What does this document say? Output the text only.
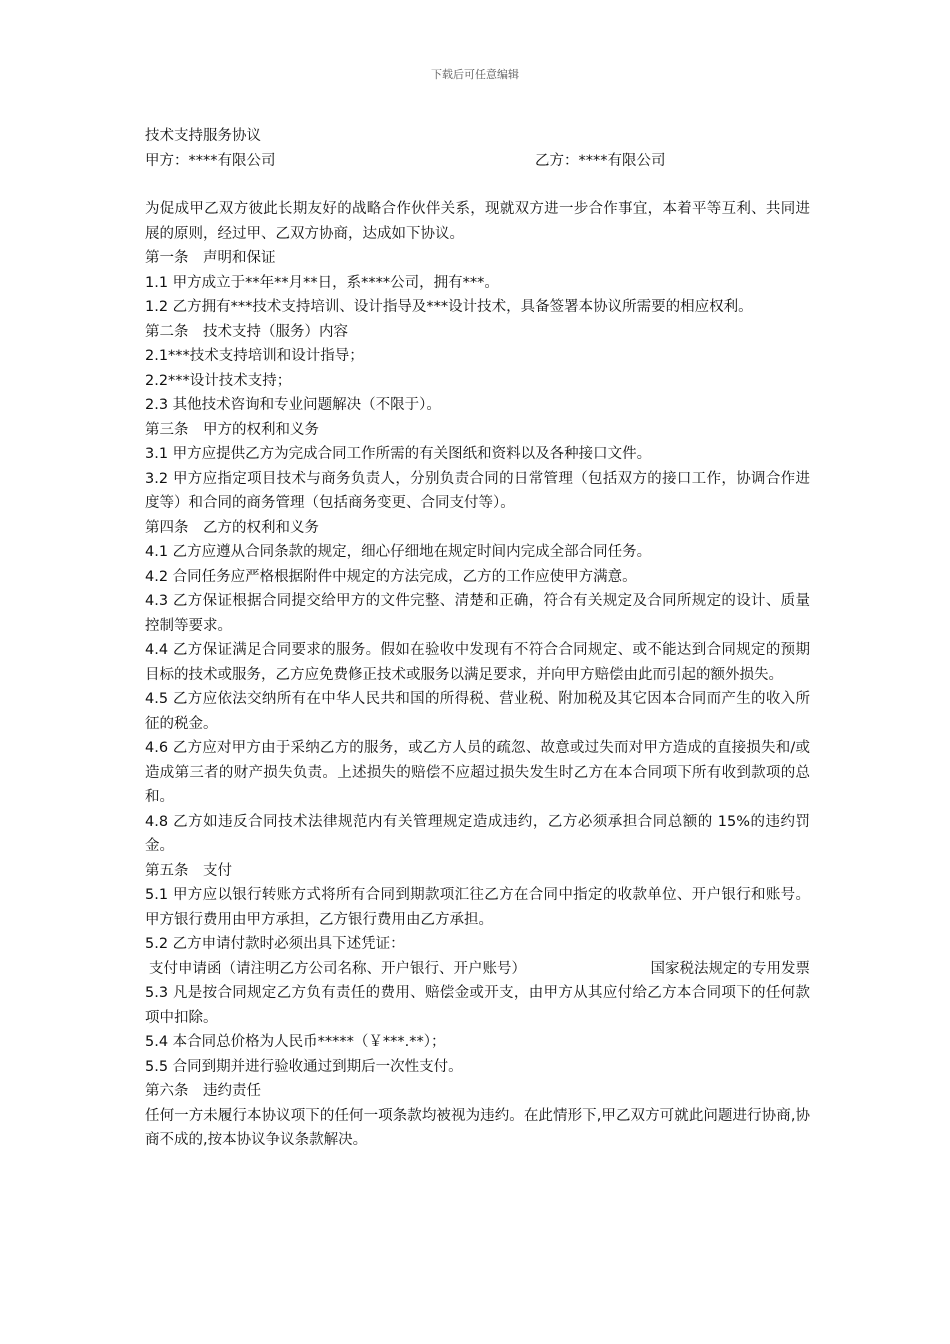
下载后可任意编辑

技术支持服务协议

甲方：****有限公司	乙方：****有限公司

为促成甲乙双方彼此长期友好的战略合作伙伴关系，现就双方进一步合作事宜，本着平等互利、共同进展的原则，经过甲、乙双方协商，达成如下协议。

第一条　声明和保证

1.1 甲方成立于**年**月**日，系****公司，拥有***。

1.2 乙方拥有***技术支持培训、设计指导及***设计技术，具备签署本协议所需要的相应权利。

第二条　技术支持（服务）内容

2.1***技术支持培训和设计指导；

2.2***设计技术支持；

2.3 其他技术咨询和专业问题解决（不限于）。

第三条　甲方的权利和义务

3.1 甲方应提供乙方为完成合同工作所需的有关图纸和资料以及各种接口文件。

3.2 甲方应指定项目技术与商务负责人，分别负责合同的日常管理（包括双方的接口工作，协调合作进度等）和合同的商务管理（包括商务变更、合同支付等）。

第四条　乙方的权利和义务

4.1 乙方应遵从合同条款的规定，细心仔细地在规定时间内完成全部合同任务。

4.2 合同任务应严格根据附件中规定的方法完成，乙方的工作应使甲方满意。

4.3 乙方保证根据合同提交给甲方的文件完整、清楚和正确，符合有关规定及合同所规定的设计、质量控制等要求。

4.4 乙方保证满足合同要求的服务。假如在验收中发现有不符合合同规定、或不能达到合同规定的预期目标的技术或服务，乙方应免费修正技术或服务以满足要求，并向甲方赔偿由此而引起的额外损失。

4.5 乙方应依法交纳所有在中华人民共和国的所得税、营业税、附加税及其它因本合同而产生的收入所征的税金。

4.6 乙方应对甲方由于采纳乙方的服务，或乙方人员的疏忽、故意或过失而对甲方造成的直接损失和/或造成第三者的财产损失负责。上述损失的赔偿不应超过损失发生时乙方在本合同项下所有收到款项的总和。

4.8 乙方如违反合同技术法律规范内有关管理规定造成违约，乙方必须承担合同总额的 15%的违约罚金。

第五条　支付

5.1 甲方应以银行转账方式将所有合同到期款项汇往乙方在合同中指定的收款单位、开户银行和账号。甲方银行费用由甲方承担，乙方银行费用由乙方承担。

5.2 乙方申请付款时必须出具下述凭证：

支付申请函（请注明乙方公司名称、开户银行、开户账号）	国家税法规定的专用发票

5.3 凡是按合同规定乙方负有责任的费用、赔偿金或开支，由甲方从其应付给乙方本合同项下的任何款项中扣除。

5.4 本合同总价格为人民币*****（￥***.**）；

5.5 合同到期并进行验收通过到期后一次性支付。

第六条　违约责任

任何一方未履行本协议项下的任何一项条款均被视为违约。在此情形下,甲乙双方可就此问题进行协商,协商不成的,按本协议争议条款解决。
